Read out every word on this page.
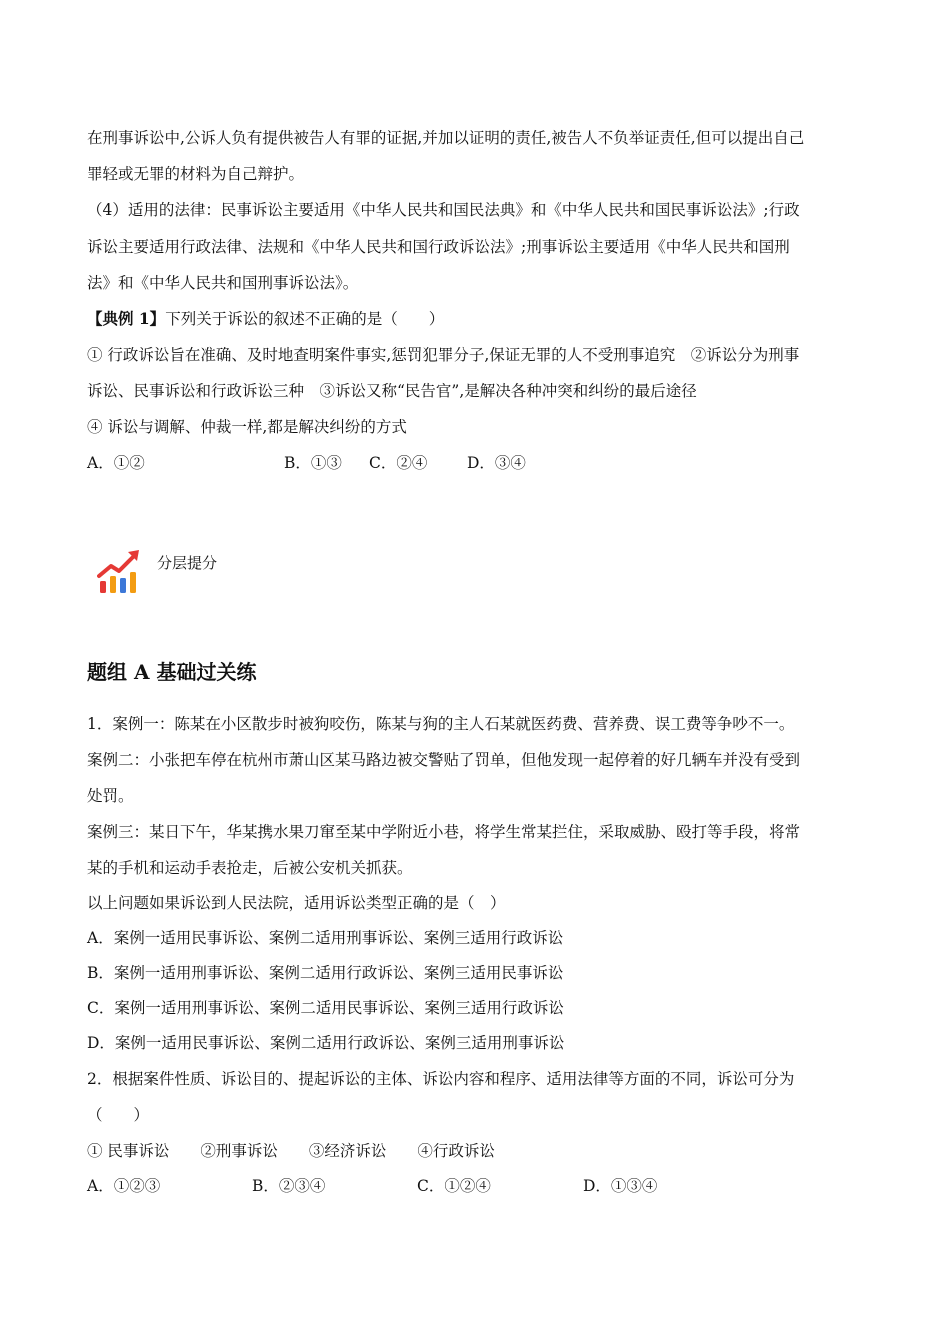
在刑事诉讼中,公诉人负有提供被告人有罪的证据,并加以证明的责任,被告人不负举证责任,但可以提出自己
罪轻或无罪的材料为自己辩护。
（4）适用的法律：民事诉讼主要适用《中华人民共和国民法典》和《中华人民共和国民事诉讼法》;行政
诉讼主要适用行政法律、法规和《中华人民共和国行政诉讼法》;刑事诉讼主要适用《中华人民共和国刑
法》和《中华人民共和国刑事诉讼法》。
【典例 1】下列关于诉讼的叙述不正确的是（　　）
① 行政诉讼旨在准确、及时地查明案件事实,惩罚犯罪分子,保证无罪的人不受刑事追究　②诉讼分为刑事
诉讼、民事诉讼和行政诉讼三种　③诉讼又称“民告官”,是解决各种冲突和纠纷的最后途径
④ 诉讼与调解、仲裁一样,都是解决纠纷的方式
A．①②	B．①③ C．②④	D．③④
分层提分
题组 A 基础过关练
1．案例一：陈某在小区散步时被狗咬伤，陈某与狗的主人石某就医药费、营养费、误工费等争吵不一。
案例二：小张把车停在杭州市萧山区某马路边被交警贴了罚单，但他发现一起停着的好几辆车并没有受到
处罚。
案例三：某日下午，华某携水果刀窜至某中学附近小巷，将学生常某拦住，采取威胁、殴打等手段，将常
某的手机和运动手表抢走，后被公安机关抓获。
以上问题如果诉讼到人民法院，适用诉讼类型正确的是（　）
A．案例一适用民事诉讼、案例二适用刑事诉讼、案例三适用行政诉讼
B．案例一适用刑事诉讼、案例二适用行政诉讼、案例三适用民事诉讼
C．案例一适用刑事诉讼、案例二适用民事诉讼、案例三适用行政诉讼
D．案例一适用民事诉讼、案例二适用行政诉讼、案例三适用刑事诉讼
2．根据案件性质、诉讼目的、提起诉讼的主体、诉讼内容和程序、适用法律等方面的不同，诉讼可分为
（　　）
① 民事诉讼　　②刑事诉讼　　③经济诉讼　　④行政诉讼
A．①②③	B．②③④	C．①②④	D．①③④
